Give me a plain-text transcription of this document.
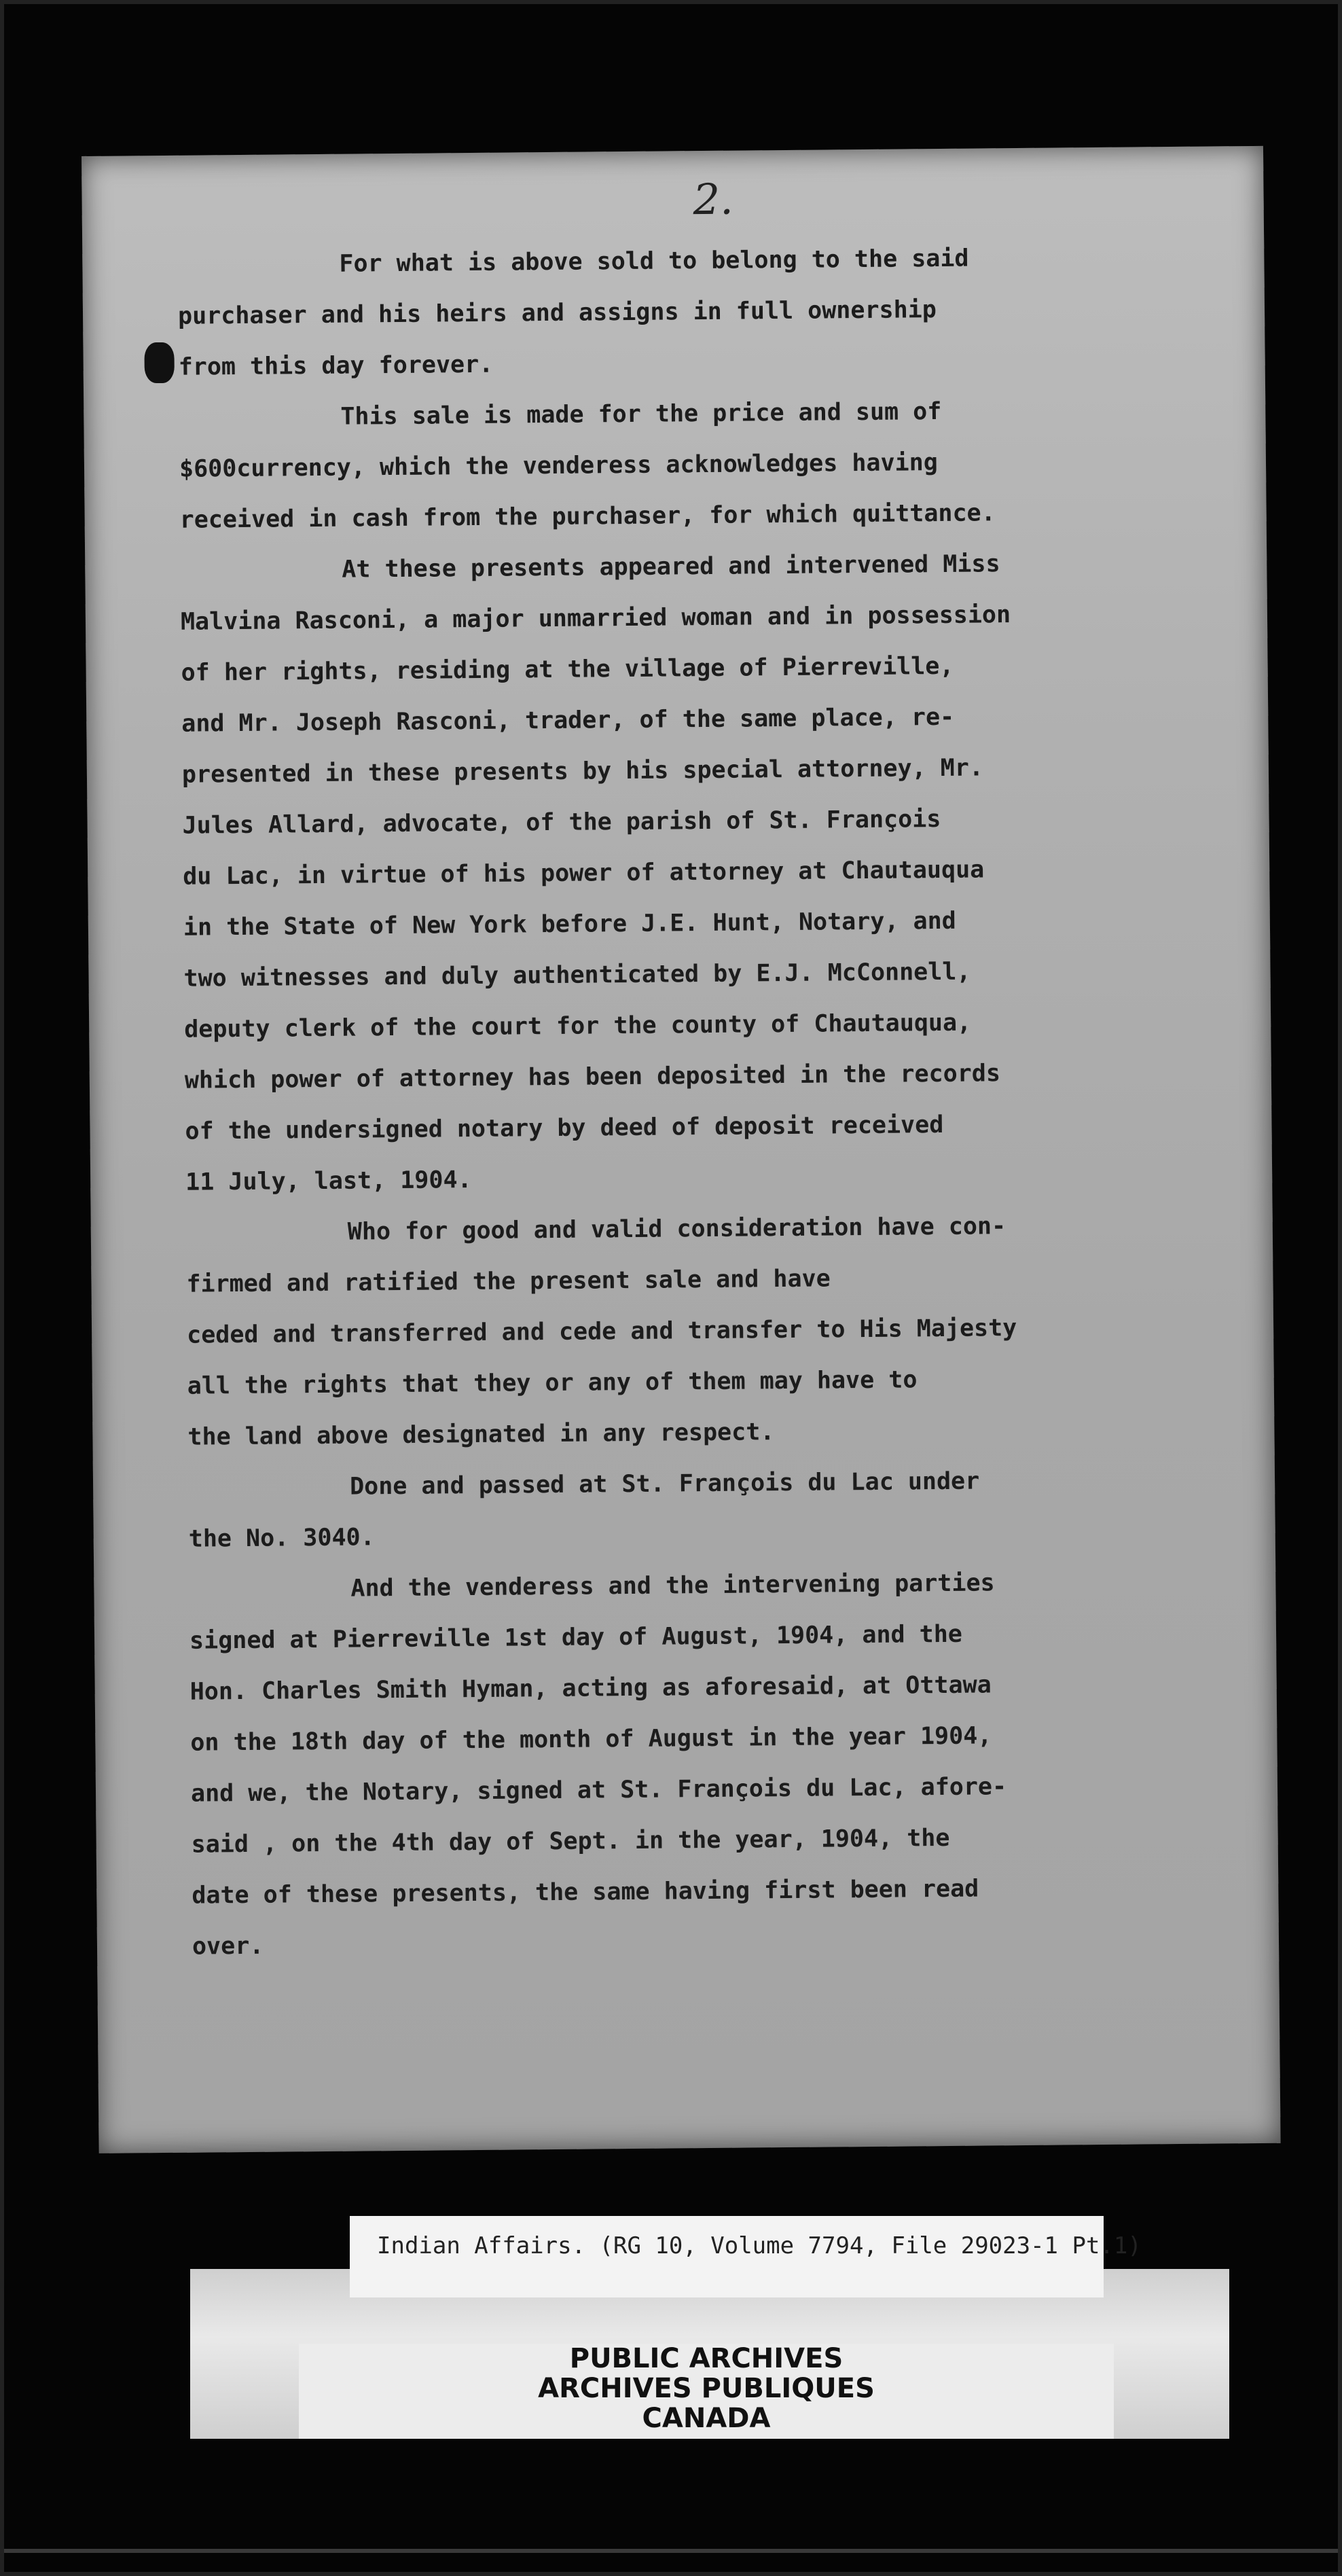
2.
For what is above sold to belong to the said
purchaser and his heirs and assigns in full ownership
from this day forever.
This sale is made for the price and sum of
$600currency, which the venderess acknowledges having
received in cash from the purchaser, for which quittance.
At these presents appeared and intervened Miss
Malvina Rasconi, a major unmarried woman and in possession
of her rights, residing at the village of Pierreville,
and Mr. Joseph Rasconi, trader, of the same place, re-
presented in these presents by his special attorney, Mr.
Jules Allard, advocate, of the parish of St. François
du Lac, in virtue of his power of attorney at Chautauqua
in the State of New York before J.E. Hunt, Notary, and
two witnesses and duly authenticated by E.J. McConnell,
deputy clerk of the court for the county of Chautauqua,
which power of attorney has been deposited in the records
of the undersigned notary by deed of deposit received
11 July, last, 1904.
Who for good and valid consideration have con-
firmed and ratified the present sale and have
ceded and transferred and cede and transfer to His Majesty
all the rights that they or any of them may have to
the land above designated in any respect.
Done and passed at St. François du Lac under
the No. 3040.
And the venderess and the intervening parties
signed at Pierreville 1st day of August, 1904, and the
Hon. Charles Smith Hyman, acting as aforesaid, at Ottawa
on the 18th day of the month of August in the year 1904,
and we, the Notary, signed at St. François du Lac, afore-
said , on the 4th day of Sept. in the year, 1904, the
date of these presents, the same having first been read
over.
PUBLIC ARCHIVES
ARCHIVES PUBLIQUES
CANADA
Indian Affairs. (RG 10, Volume 7794, File 29023-1 Pt.1)
